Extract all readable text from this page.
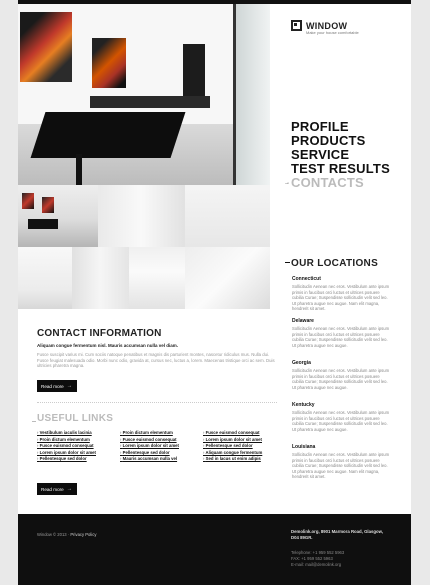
WINDOW
Make your house comfortable
PROFILE
PRODUCTS
SERVICE
TEST RESULTS
CONTACTS
→
OUR LOCATIONS
Connecticut
Sollicitudin Aenean nec eros. Vestibulum ante ipsum primis in faucibus orci luctus et ultrices posuere cubilia Curae; Suspendisse sollicitudin velit sed leo. Ut pharetra augue nec augue. Nam elit magna, hendrerit sit amet.
Delaware
Sollicitudin Aenean nec eros. Vestibulum ante ipsum primis in faucibus orci luctus et ultrices posuere cubilia Curae; Suspendisse sollicitudin velit sed leo. Ut pharetra augue nec augue.
Georgia
Sollicitudin Aenean nec eros. Vestibulum ante ipsum primis in faucibus orci luctus et ultrices posuere cubilia Curae; Suspendisse sollicitudin velit sed leo. Ut pharetra augue nec augue.
Kentucky
Sollicitudin Aenean nec eros. Vestibulum ante ipsum primis in faucibus orci luctus et ultrices posuere cubilia Curae; Suspendisse sollicitudin velit sed leo. Ut pharetra augue nec augue.
Louisiana
Sollicitudin Aenean nec eros. Vestibulum ante ipsum primis in faucibus orci luctus et ultrices posuere cubilia Curae; Suspendisse sollicitudin velit sed leo. Ut pharetra augue nec augue. Nam elit magna, hendrerit sit amet.
CONTACT INFORMATION

Aliquam congue fermentum nisl. Mauris accumsan nulla vel diam.

Fusce suscipit varius mi. Cum sociis natoque penatibus et magnis dis parturient montes, nascetur ridiculus mus. Nulla dui. Fusce feugiat malesuada odio. Morbi nunc odio, gravida at, cursus nec, luctus a, lorem. Maecenas tristique orci ac sem. Duis ultricies pharetra magna.

Read more →
USEFUL LINKS
› Vestibulum iaculis lacinia
› Proin dictum elementum
› Fusce euismod consequat
› Lorem ipsum dolor sit amet
› Pellentesque sed dolor
› Proin dictum elementum
› Fusce euismod consequat
› Lorem ipsum dolor sit amet
› Pellentesque sed dolor
› Mauris accumsan nulla vel
› Fusce euismod consequat
› Lorem ipsum dolor sit amet
› Pellentesque sed dolor
› Aliquam congue fermentum
› Sed in lacus ut enim adipis
Read more →
Window © 2013 · Privacy Policy
Demolink.org, 8901 Marmora Road, Glasgow, D04 89GR.
Telephone: +1 959 552 5963
FAX: +1 959 552 5963
E-mail: mail@demolink.org
